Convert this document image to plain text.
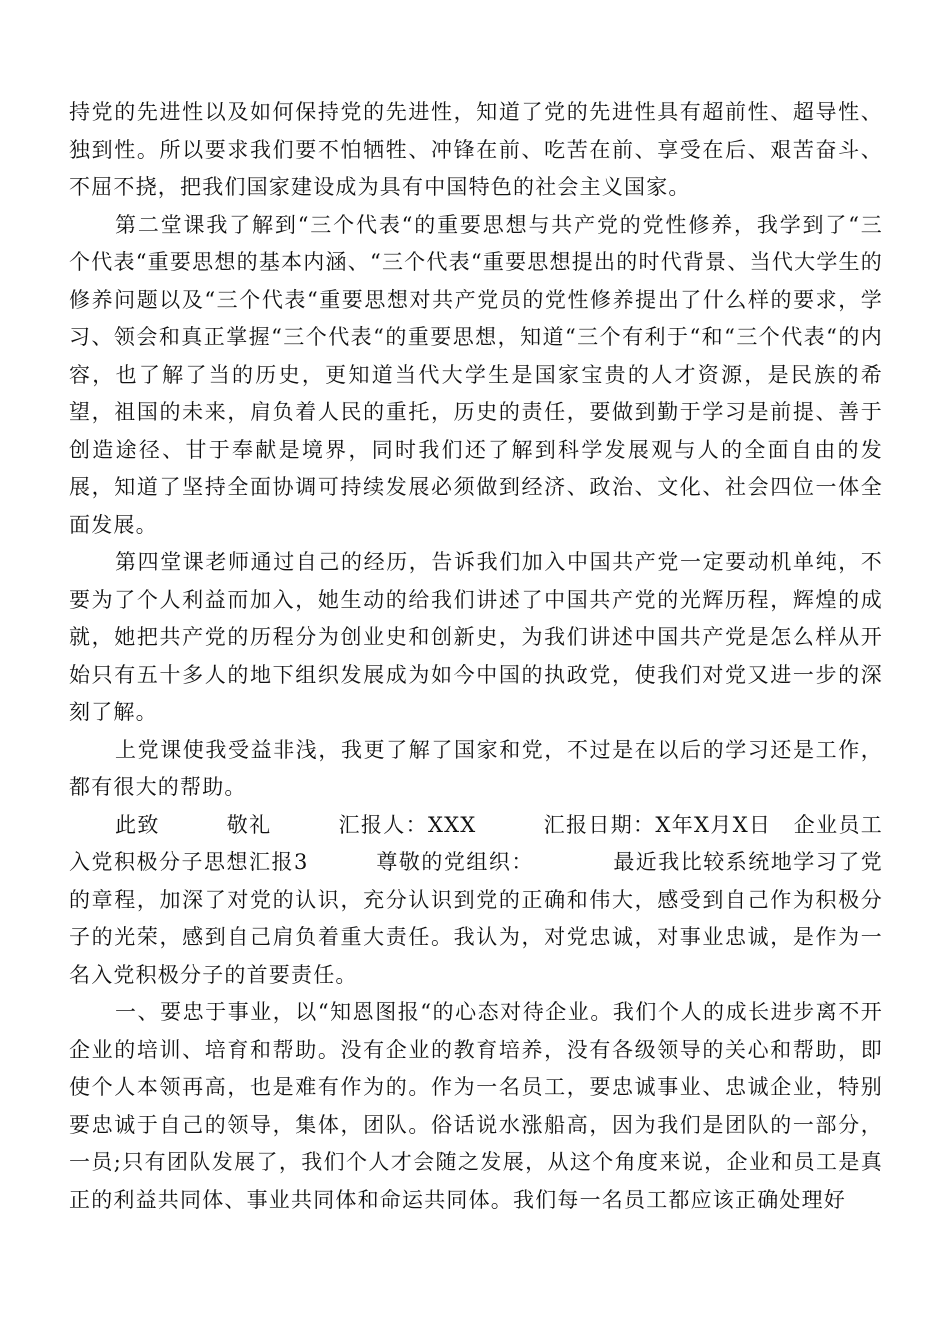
持党的先进性以及如何保持党的先进性，知道了党的先进性具有超前性、超导性、独到性。所以要求我们要不怕牺牲、冲锋在前、吃苦在前、享受在后、艰苦奋斗、不屈不挠，把我们国家建设成为具有中国特色的社会主义国家。

第二堂课我了解到“三个代表“的重要思想与共产党的党性修养，我学到了“三个代表“重要思想的基本内涵、“三个代表“重要思想提出的时代背景、当代大学生的修养问题以及“三个代表“重要思想对共产党员的党性修养提出了什么样的要求，学习、领会和真正掌握“三个代表“的重要思想，知道“三个有利于“和“三个代表“的内容，也了解了当的历史，更知道当代大学生是国家宝贵的人才资源，是民族的希望，祖国的未来，肩负着人民的重托，历史的责任，要做到勤于学习是前提、善于创造途径、甘于奉献是境界，同时我们还了解到科学发展观与人的全面自由的发展，知道了坚持全面协调可持续发展必须做到经济、政治、文化、社会四位一体全面发展。

第四堂课老师通过自己的经历，告诉我们加入中国共产党一定要动机单纯，不要为了个人利益而加入，她生动的给我们讲述了中国共产党的光辉历程，辉煌的成就，她把共产党的历程分为创业史和创新史，为我们讲述中国共产党是怎么样从开始只有五十多人的地下组织发展成为如今中国的执政党，使我们对党又进一步的深刻了解。

上党课使我受益非浅，我更了解了国家和党，不过是在以后的学习还是工作，都有很大的帮助。

此致　　　敬礼　　　汇报人：XXX　　　汇报日期：X年X月X日　企业员工入党积极分子思想汇报3　　　尊敬的党组织：　　　　最近我比较系统地学习了党的章程，加深了对党的认识，充分认识到党的正确和伟大，感受到自己作为积极分子的光荣，感到自己肩负着重大责任。我认为，对党忠诚，对事业忠诚，是作为一名入党积极分子的首要责任。

一、要忠于事业，以“知恩图报“的心态对待企业。我们个人的成长进步离不开企业的培训、培育和帮助。没有企业的教育培养，没有各级领导的关心和帮助，即使个人本领再高，也是难有作为的。作为一名员工，要忠诚事业、忠诚企业，特别要忠诚于自己的领导，集体，团队。俗话说水涨船高，因为我们是团队的一部分，一员;只有团队发展了，我们个人才会随之发展，从这个角度来说，企业和员工是真正的利益共同体、事业共同体和命运共同体。我们每一名员工都应该正确处理好
